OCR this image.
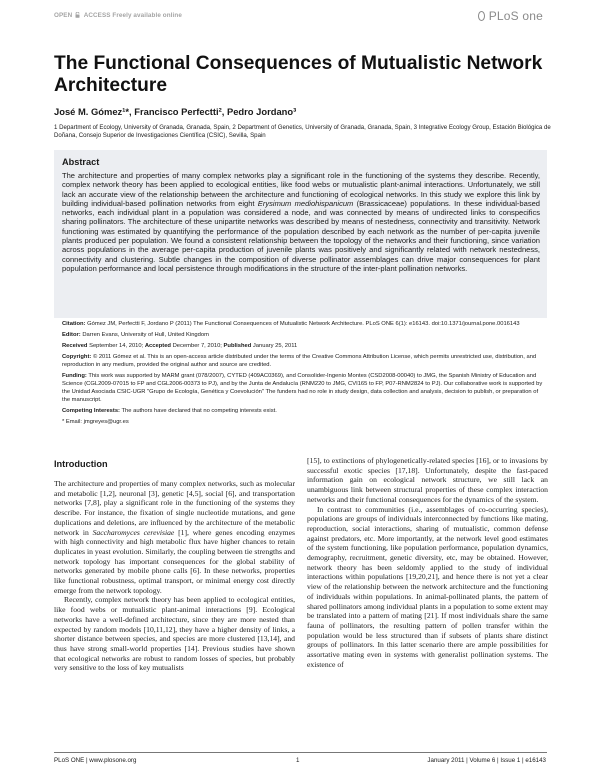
OPEN ACCESS Freely available online	PLoS one
The Functional Consequences of Mutualistic Network Architecture
José M. Gómez¹*, Francisco Perfectti², Pedro Jordano³
1 Department of Ecology, University of Granada, Granada, Spain, 2 Department of Genetics, University of Granada, Granada, Spain, 3 Integrative Ecology Group, Estación Biológica de Doñana, Consejo Superior de Investigaciones Científica (CSIC), Sevilla, Spain
Abstract
The architecture and properties of many complex networks play a significant role in the functioning of the systems they describe. Recently, complex network theory has been applied to ecological entities, like food webs or mutualistic plant-animal interactions. Unfortunately, we still lack an accurate view of the relationship between the architecture and functioning of ecological networks. In this study we explore this link by building individual-based pollination networks from eight Erysimum mediohispanicum (Brassicaceae) populations. In these individual-based networks, each individual plant in a population was considered a node, and was connected by means of undirected links to conspecifics sharing pollinators. The architecture of these unipartite networks was described by means of nestedness, connectivity and transitivity. Network functioning was estimated by quantifying the performance of the population described by each network as the number of per-capita juvenile plants produced per population. We found a consistent relationship between the topology of the networks and their functioning, since variation across populations in the average per-capita production of juvenile plants was positively and significantly related with network nestedness, connectivity and clustering. Subtle changes in the composition of diverse pollinator assemblages can drive major consequences for plant population performance and local persistence through modifications in the structure of the inter-plant pollination networks.

Citation: Gómez JM, Perfectti F, Jordano P (2011) The Functional Consequences of Mutualistic Network Architecture. PLoS ONE 6(1): e16143. doi:10.1371/journal.pone.0016143

Editor: Darren Evans, University of Hull, United Kingdom

Received September 14, 2010; Accepted December 7, 2010; Published January 25, 2011

Copyright: © 2011 Gómez et al. This is an open-access article distributed under the terms of the Creative Commons Attribution License, which permits unrestricted use, distribution, and reproduction in any medium, provided the original author and source are credited.

Funding: This work was supported by MARM grant (078/2007), CYTED (409AC0369), and Consolider-Ingenio Montes (CSD2008-00040) to JMG, the Spanish Ministry of Education and Science (CGL2009-07015 to FP and CGL2006-00373 to PJ), and by the Junta de Andalucía (RNM220 to JMG, CVI165 to FP, P07-RNM2824 to PJ). Our collaborative work is supported by the Unidad Asociada CSIC-UGR "Grupo de Ecología, Genética y Coevolución" The funders had no role in study design, data collection and analysis, decision to publish, or preparation of the manuscript.

Competing Interests: The authors have declared that no competing interests exist.

* Email: jmgreyes@ugr.es

Introduction

The architecture and properties of many complex networks, such as molecular and metabolic [1,2], neuronal [3], genetic [4,5], social [6], and transportation networks [7,8], play a significant role in the functioning of the systems they describe. For instance, the fixation of single nucleotide mutations, and gene duplications and deletions, are influenced by the architecture of the metabolic network in Saccharomyces cerevisiae [1], where genes encoding enzymes with high connectivity and high metabolic flux have higher chances to retain duplicates in yeast evolution. Similarly, the coupling between tie strengths and network topology has important consequences for the global stability of networks generated by mobile phone calls [6]. In these networks, properties like functional robustness, optimal transport, or minimal energy cost directly emerge from the network topology.

Recently, complex network theory has been applied to ecological entities, like food webs or mutualistic plant-animal interactions [9]. Ecological networks have a well-defined architecture, since they are more nested than expected by random models [10,11,12], they have a higher density of links, a shorter distance between species, and species are more clustered [13,14], and thus have strong small-world properties [14]. Previous studies have shown that ecological networks are robust to random losses of species, but probably very sensitive to the loss of key mutualists

[15], to extinctions of phylogenetically-related species [16], or to invasions by successful exotic species [17,18]. Unfortunately, despite the fast-paced information gain on ecological network structure, we still lack an unambiguous link between structural properties of these complex interaction networks and their functional consequences for the dynamics of the system.

In contrast to communities (i.e., assemblages of co-occurring species), populations are groups of individuals interconnected by functions like mating, reproduction, social interactions, sharing of mutualistic, common defense against predators, etc. More importantly, at the network level good estimates of the system functioning, like population performance, population dynamics, demography, recruitment, genetic diversity, etc, may be obtained. However, network theory has been seldomly applied to the study of individual interactions within populations [19,20,21], and hence there is not yet a clear view of the relationship between the network architecture and the functioning of individuals within populations. In animal-pollinated plants, the pattern of shared pollinators among individual plants in a population to some extent may be translated into a pattern of mating [21]. If most individuals share the same fauna of pollinators, the resulting pattern of pollen transfer within the population would be less structured than if subsets of plants share distinct groups of pollinators. In this latter scenario there are ample possibilities for assortative mating even in systems with generalist pollination systems. The existence of

PLoS ONE | www.plosone.org	1	January 2011 | Volume 6 | Issue 1 | e16143
